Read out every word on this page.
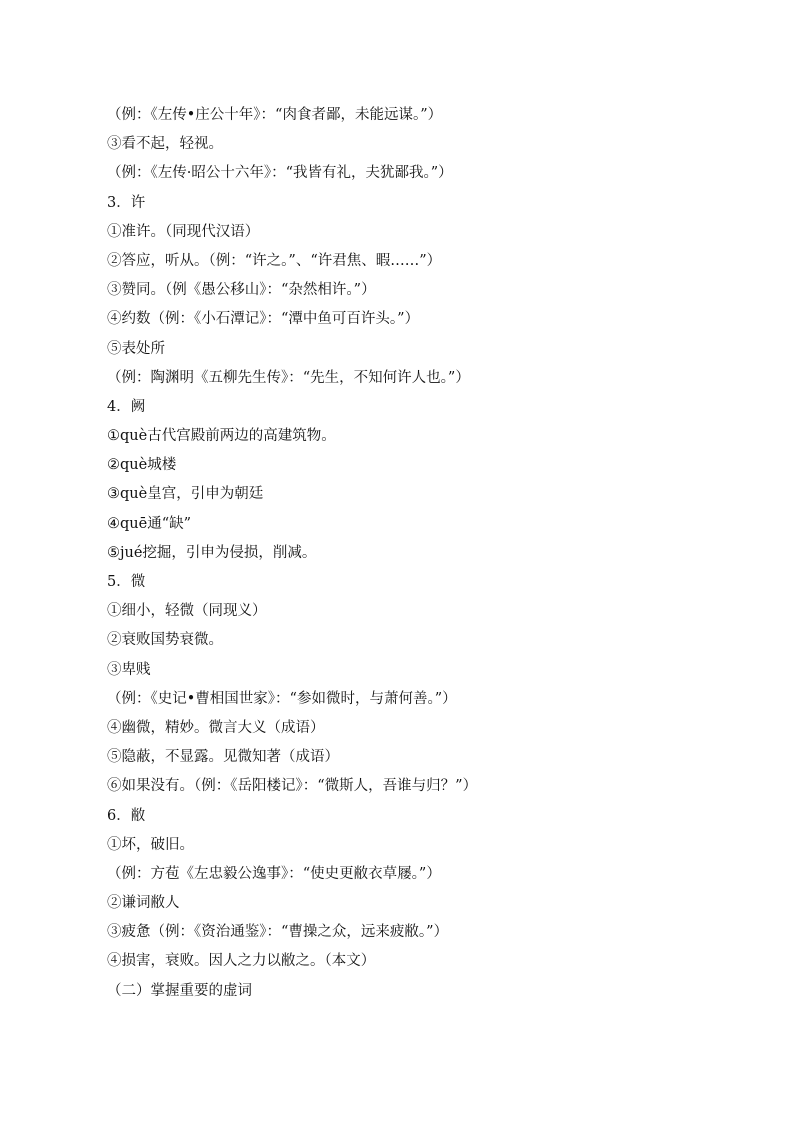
（例：《左传•庄公十年》：“肉食者鄙，未能远谋。”）
③看不起，轻视。
（例：《左传·昭公十六年》：“我皆有礼，夫犹鄙我。”）
3．许
①准许。（同现代汉语）
②答应，听从。（例：“许之。”、“许君焦、暇……”）
③赞同。（例《愚公移山》：“杂然相许。”）
④约数（例：《小石潭记》：“潭中鱼可百许头。”）
⑤表处所
（例：陶渊明《五柳先生传》：“先生，不知何许人也。”）
4．阙
①què古代宫殿前两边的高建筑物。
②què城楼
③què皇宫，引申为朝廷
④quē通“缺”
⑤jué挖掘，引申为侵损，削减。
5．微
①细小，轻微（同现义）
②衰败国势衰微。
③卑贱
（例：《史记•曹相国世家》：“参如微时，与萧何善。”）
④幽微，精妙。微言大义（成语）
⑤隐蔽，不显露。见微知著（成语）
⑥如果没有。（例：《岳阳楼记》：“微斯人，吾谁与归？”）
6．敝
①坏，破旧。
（例：方苞《左忠毅公逸事》：“使史更敝衣草屦。”）
②谦词敝人
③疲惫（例：《资治通鉴》：“曹操之众，远来疲敝。”）
④损害，衰败。因人之力以敝之。（本文）
（二）掌握重要的虚词
